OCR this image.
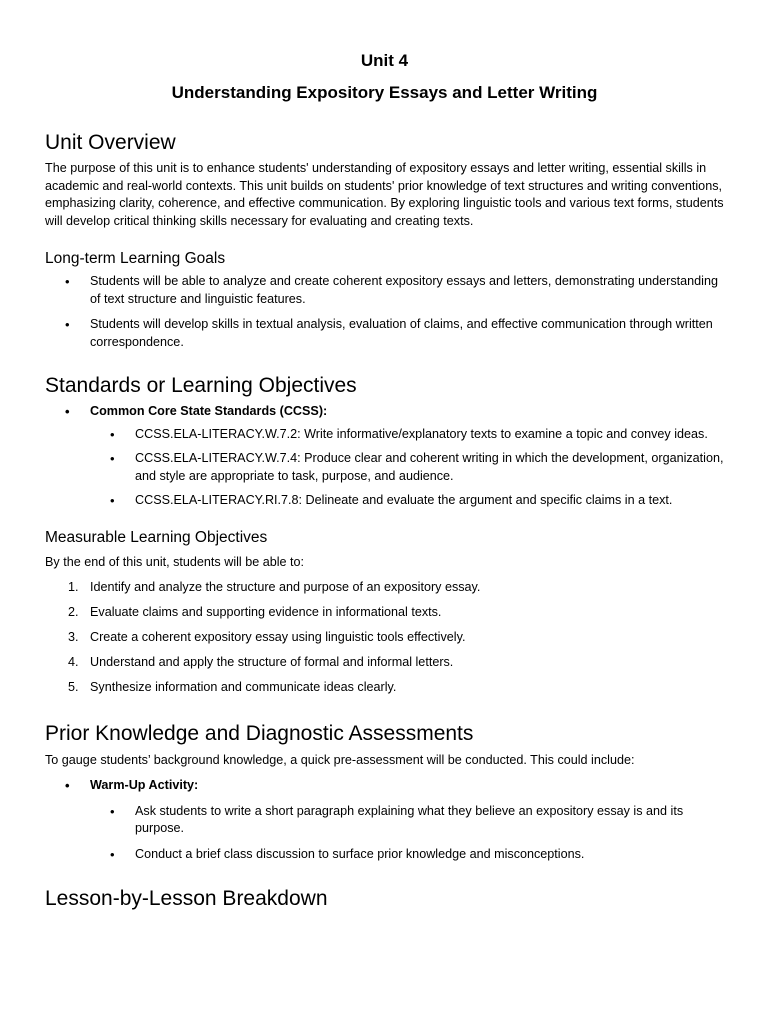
Unit 4

Understanding Expository Essays and Letter Writing

Unit Overview

The purpose of this unit is to enhance students' understanding of expository essays and letter writing, essential skills in academic and real-world contexts. This unit builds on students' prior knowledge of text structures and writing conventions, emphasizing clarity, coherence, and effective communication. By exploring linguistic tools and various text forms, students will develop critical thinking skills necessary for evaluating and creating texts.

Long-term Learning Goals
• Students will be able to analyze and create coherent expository essays and letters, demonstrating understanding of text structure and linguistic features.
• Students will develop skills in textual analysis, evaluation of claims, and effective communication through written correspondence.
Standards or Learning Objectives
• Common Core State Standards (CCSS):
• CCSS.ELA-LITERACY.W.7.2: Write informative/explanatory texts to examine a topic and convey ideas.
• CCSS.ELA-LITERACY.W.7.4: Produce clear and coherent writing in which the development, organization, and style are appropriate to task, purpose, and audience.
• CCSS.ELA-LITERACY.RI.7.8: Delineate and evaluate the argument and specific claims in a text.
Measurable Learning Objectives

By the end of this unit, students will be able to:

1. Identify and analyze the structure and purpose of an expository essay.
2. Evaluate claims and supporting evidence in informational texts.
3. Create a coherent expository essay using linguistic tools effectively.
4. Understand and apply the structure of formal and informal letters.
5. Synthesize information and communicate ideas clearly.
Prior Knowledge and Diagnostic Assessments

To gauge students’ background knowledge, a quick pre-assessment will be conducted. This could include:

• Warm-Up Activity:
• Ask students to write a short paragraph explaining what they believe an expository essay is and its purpose.
• Conduct a brief class discussion to surface prior knowledge and misconceptions.
Lesson-by-Lesson Breakdown
